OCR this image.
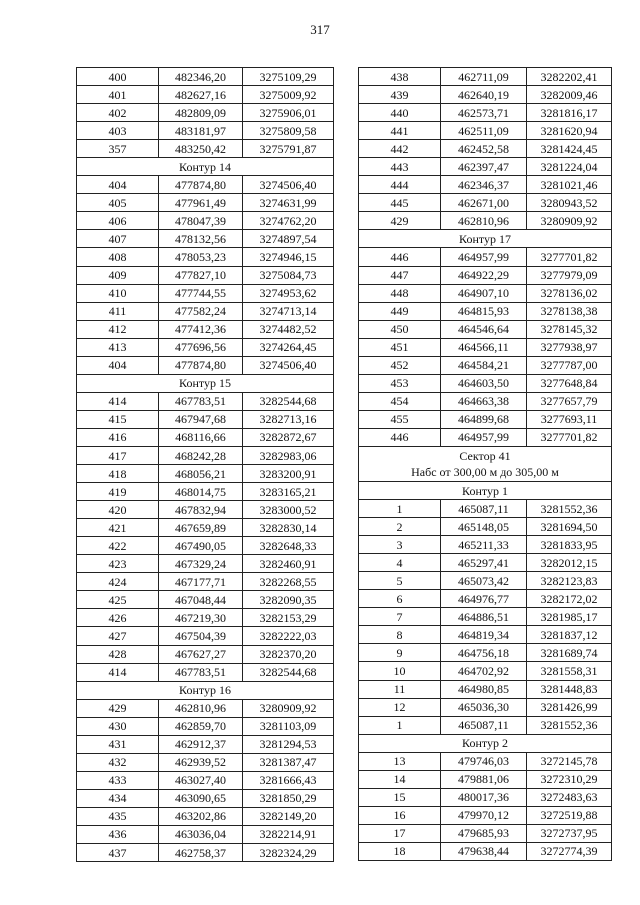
317
400	482346,20	3275109,29
401	482627,16	3275009,92
402	482809,09	3275906,01
403	483181,97	3275809,58
357	483250,42	3275791,87
Контур 14		
404	477874,80	3274506,40
405	477961,49	3274631,99
406	478047,39	3274762,20
407	478132,56	3274897,54
408	478053,23	3274946,15
409	477827,10	3275084,73
410	477744,55	3274953,62
411	477582,24	3274713,14
412	477412,36	3274482,52
413	477696,56	3274264,45
404	477874,80	3274506,40
Контур 15		
414	467783,51	3282544,68
415	467947,68	3282713,16
416	468116,66	3282872,67
417	468242,28	3282983,06
418	468056,21	3283200,91
419	468014,75	3283165,21
420	467832,94	3283000,52
421	467659,89	3282830,14
422	467490,05	3282648,33
423	467329,24	3282460,91
424	467177,71	3282268,55
425	467048,44	3282090,35
426	467219,30	3282153,29
427	467504,39	3282222,03
428	467627,27	3282370,20
414	467783,51	3282544,68
Контур 16		
429	462810,96	3280909,92
430	462859,70	3281103,09
431	462912,37	3281294,53
432	462939,52	3281387,47
433	463027,40	3281666,43
434	463090,65	3281850,29
435	463202,86	3282149,20
436	463036,04	3282214,91
437	462758,37	3282324,29
438	462711,09	3282202,41
439	462640,19	3282009,46
440	462573,71	3281816,17
441	462511,09	3281620,94
442	462452,58	3281424,45
443	462397,47	3281224,04
444	462346,37	3281021,46
445	462671,00	3280943,52
429	462810,96	3280909,92
Контур 17		
446	464957,99	3277701,82
447	464922,29	3277979,09
448	464907,10	3278136,02
449	464815,93	3278138,38
450	464546,64	3278145,32
451	464566,11	3277938,97
452	464584,21	3277787,00
453	464603,50	3277648,84
454	464663,38	3277657,79
455	464899,68	3277693,11
446	464957,99	3277701,82

Сектор 41
Набс от 300,00 м до 305,00 м		

Контур 1		
1	465087,11	3281552,36
2	465148,05	3281694,50
3	465211,33	3281833,95
4	465297,41	3282012,15
5	465073,42	3282123,83
6	464976,77	3282172,02
7	464886,51	3281985,17
8	464819,34	3281837,12
9	464756,18	3281689,74
10	464702,92	3281558,31
11	464980,85	3281448,83
12	465036,30	3281426,99
1	465087,11	3281552,36
Контур 2		
13	479746,03	3272145,78
14	479881,06	3272310,29
15	480017,36	3272483,63
16	479970,12	3272519,88
17	479685,93	3272737,95
18	479638,44	3272774,39
